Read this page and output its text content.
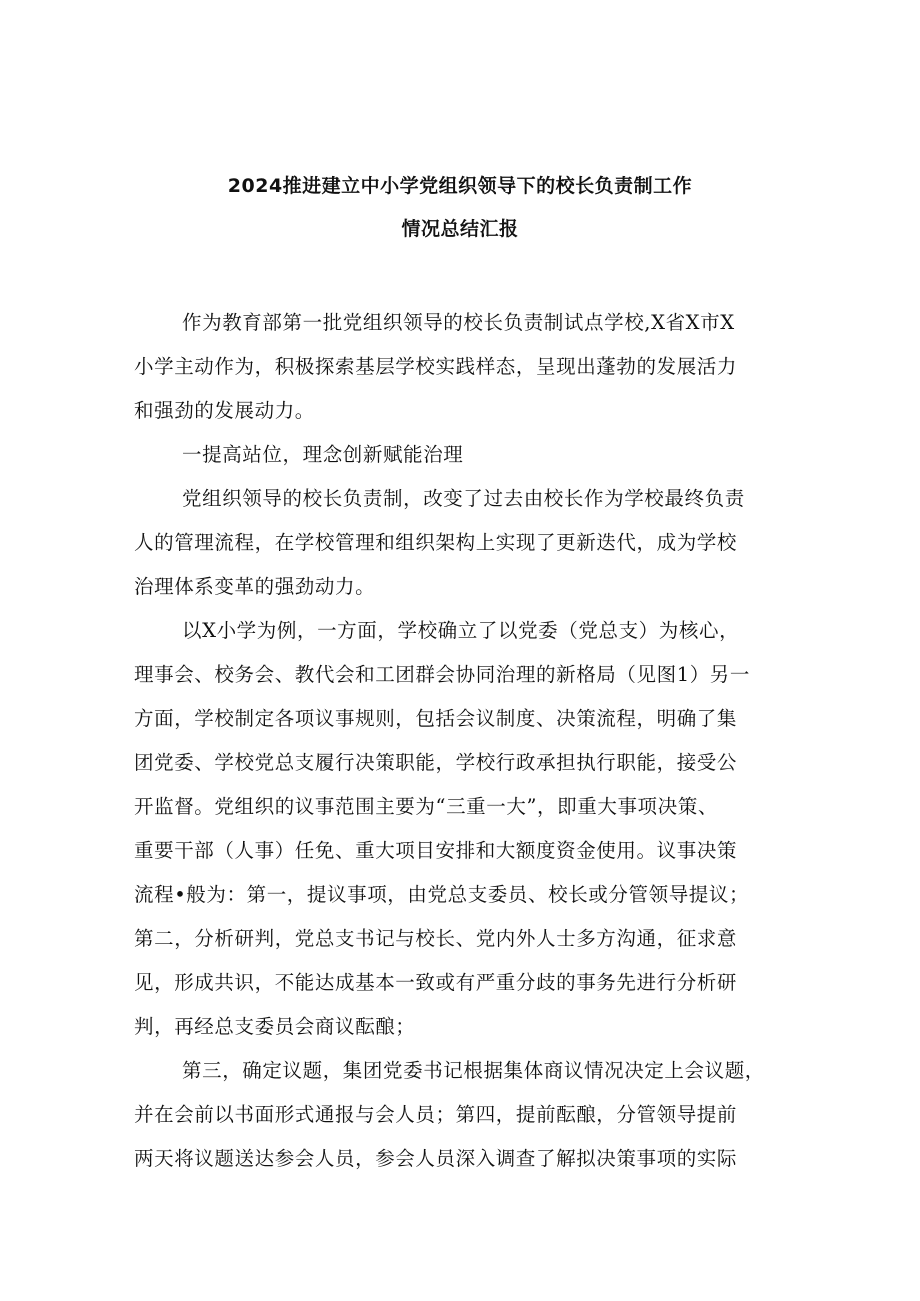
2024推进建立中小学党组织领导下的校长负责制工作
情况总结汇报
作为教育部第一批党组织领导的校长负责制试点学校,X省X市X
小学主动作为，积极探索基层学校实践样态，呈现出蓬勃的发展活力
和强劲的发展动力。
一提高站位，理念创新赋能治理
党组织领导的校长负责制，改变了过去由校长作为学校最终负责
人的管理流程，在学校管理和组织架构上实现了更新迭代，成为学校
治理体系变革的强劲动力。
以X小学为例，一方面，学校确立了以党委（党总支）为核心，
理事会、校务会、教代会和工团群会协同治理的新格局（见图1）另一
方面，学校制定各项议事规则，包括会议制度、决策流程，明确了集
团党委、学校党总支履行决策职能，学校行政承担执行职能，接受公
开监督。党组织的议事范围主要为“三重一大”，即重大事项决策、
重要干部（人事）任免、重大项目安排和大额度资金使用。议事决策
流程•般为：第一，提议事项，由党总支委员、校长或分管领导提议；
第二，分析研判，党总支书记与校长、党内外人士多方沟通，征求意
见，形成共识，不能达成基本一致或有严重分歧的事务先进行分析研
判，再经总支委员会商议酝酿；
第三，确定议题，集团党委书记根据集体商议情况决定上会议题，
并在会前以书面形式通报与会人员；第四，提前酝酿，分管领导提前
两天将议题送达参会人员，参会人员深入调查了解拟决策事项的实际
